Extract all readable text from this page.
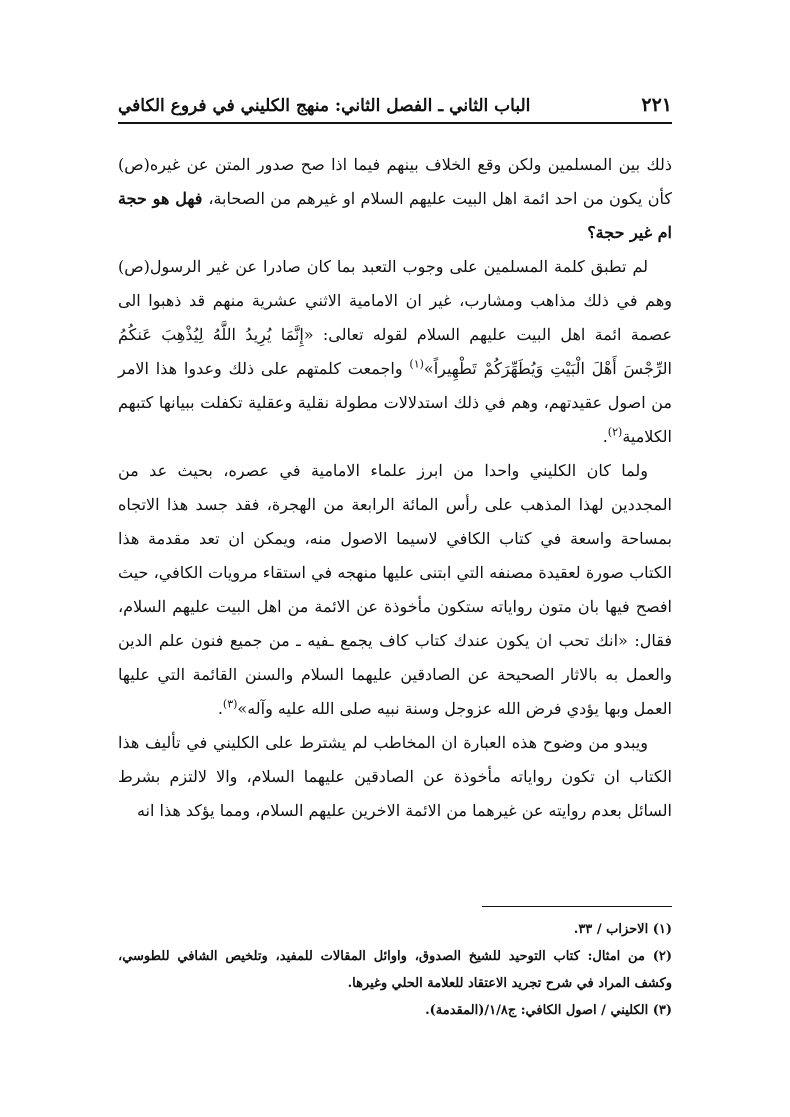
الباب الثاني ـ الفصل الثاني: منهج الكليني في فروع الكافي	٢٢١

ذلك بين المسلمين ولكن وقع الخلاف بينهم فيما اذا صح صدور المتن عن غيره(ص) كأن يكون من احد ائمة اهل البيت عليهم السلام او غيرهم من الصحابة، فهل هو حجة ام غير حجة؟

لم تطبق كلمة المسلمين على وجوب التعبد بما كان صادرا عن غير الرسول(ص) وهم في ذلك مذاهب ومشارب، غير ان الامامية الاثني عشرية منهم قد ذهبوا الى عصمة ائمة اهل البيت عليهم السلام لقوله تعالى: «إِنَّمَا يُرِيدُ اللَّهُ لِيُذْهِبَ عَنكُمُ الرِّجْسَ أَهْلَ الْبَيْتِ وَيُطَهِّرَكُمْ تَطْهِيراً»$^{(١)}$ واجمعت كلمتهم على ذلك وعدوا هذا الامر من اصول عقيدتهم، وهم في ذلك استدلالات مطولة نقلية وعقلية تكفلت ببيانها كتبهم الكلامية$^{(٢)}$.

ولما كان الكليني واحدا من ابرز علماء الامامية في عصره، بحيث عد من المجددين لهذا المذهب على رأس المائة الرابعة من الهجرة، فقد جسد هذا الاتجاه بمساحة واسعة في كتاب الكافي لاسيما الاصول منه، ويمكن ان تعد مقدمة هذا الكتاب صورة لعقيدة مصنفه التي ابتنى عليها منهجه في استقاء مرويات الكافي، حيث افصح فيها بان متون رواياته ستكون مأخوذة عن الائمة من اهل البيت عليهم السلام، فقال: «انك تحب ان يكون عندك كتاب كاف يجمع ـفيه ـ من جميع فنون علم الدين والعمل به بالاثار الصحيحة عن الصادقين عليهما السلام والسنن القائمة التي عليها العمل وبها يؤدي فرض الله عزوجل وسنة نبيه صلى الله عليه وآله»$^{(٣)}$.

ويبدو من وضوح هذه العبارة ان المخاطب لم يشترط على الكليني في تأليف هذا الكتاب ان تكون رواياته مأخوذة عن الصادقين عليهما السلام، والا لالتزم بشرط السائل بعدم روايته عن غيرهما من الائمة الاخرين عليهم السلام، ومما يؤكد هذا انه

(١) الاحزاب / ٣٣.
(٢) من امثال: كتاب التوحيد للشيخ الصدوق، واوائل المقالات للمفيد، وتلخيص الشافي للطوسي، وكشف المراد في شرح تجريد الاعتقاد للعلامة الحلي وغيرها.
(٣) الكليني / اصول الكافي: ج١/٨/(المقدمة).
